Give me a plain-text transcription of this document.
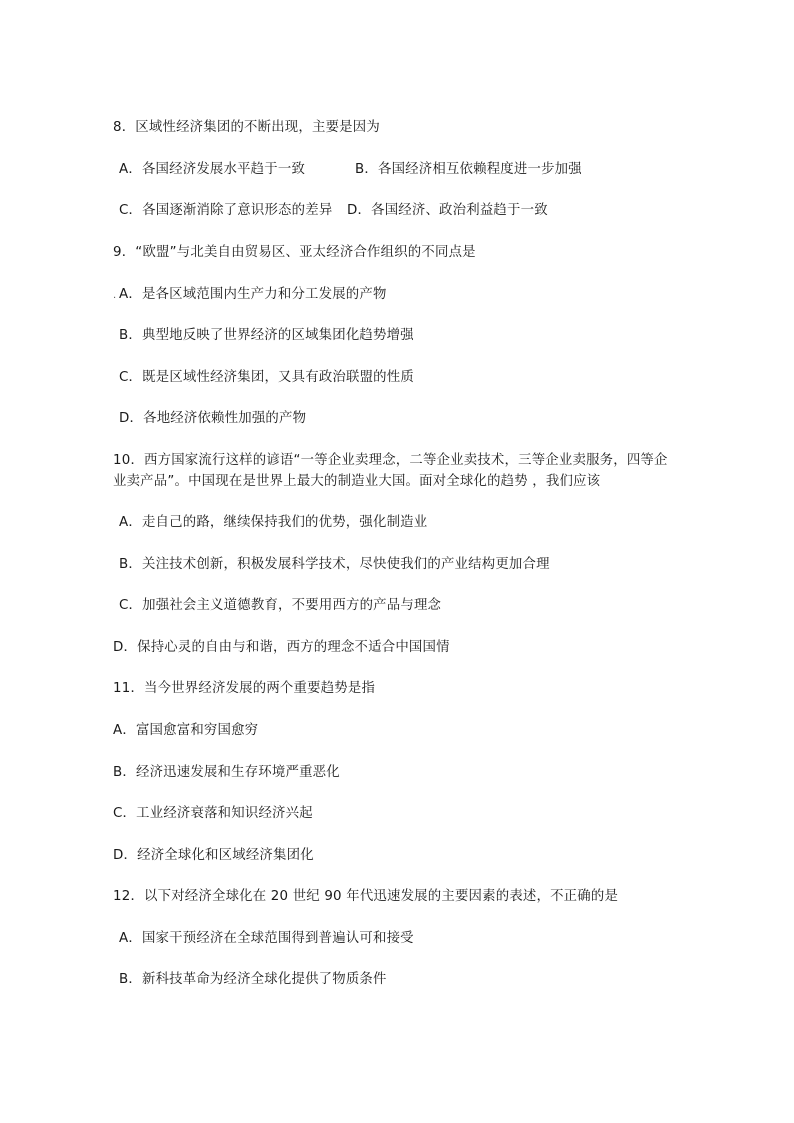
8．区域性经济集团的不断出现，主要是因为
A．各国经济发展水平趋于一致	B．各国经济相互依赖程度进一步加强
C．各国逐渐消除了意识形态的差异 D．各国经济、政治利益趋于一致
9．“欧盟”与北美自由贸易区、亚太经济合作组织的不同点是
. A．是各区域范围内生产力和分工发展的产物
B．典型地反映了世界经济的区域集团化趋势增强
C．既是区域性经济集团，又具有政治联盟的性质
D．各地经济依赖性加强的产物
10．西方国家流行这样的谚语“一等企业卖理念，二等企业卖技术，三等企业卖服务，四等企
业卖产品”。中国现在是世界上最大的制造业大国。面对全球化的趋势 ，我们应该
A．走自己的路，继续保持我们的优势，强化制造业
B．关注技术创新，积极发展科学技术，尽快使我们的产业结构更加合理
C．加强社会主义道德教育，不要用西方的产品与理念
D．保持心灵的自由与和谐，西方的理念不适合中国国情
11．当今世界经济发展的两个重要趋势是指
A．富国愈富和穷国愈穷
B．经济迅速发展和生存环境严重恶化
C．工业经济衰落和知识经济兴起
D．经济全球化和区域经济集团化
12．以下对经济全球化在 20 世纪 90 年代迅速发展的主要因素的表述，不正确的是
A．国家干预经济在全球范围得到普遍认可和接受
B．新科技革命为经济全球化提供了物质条件
